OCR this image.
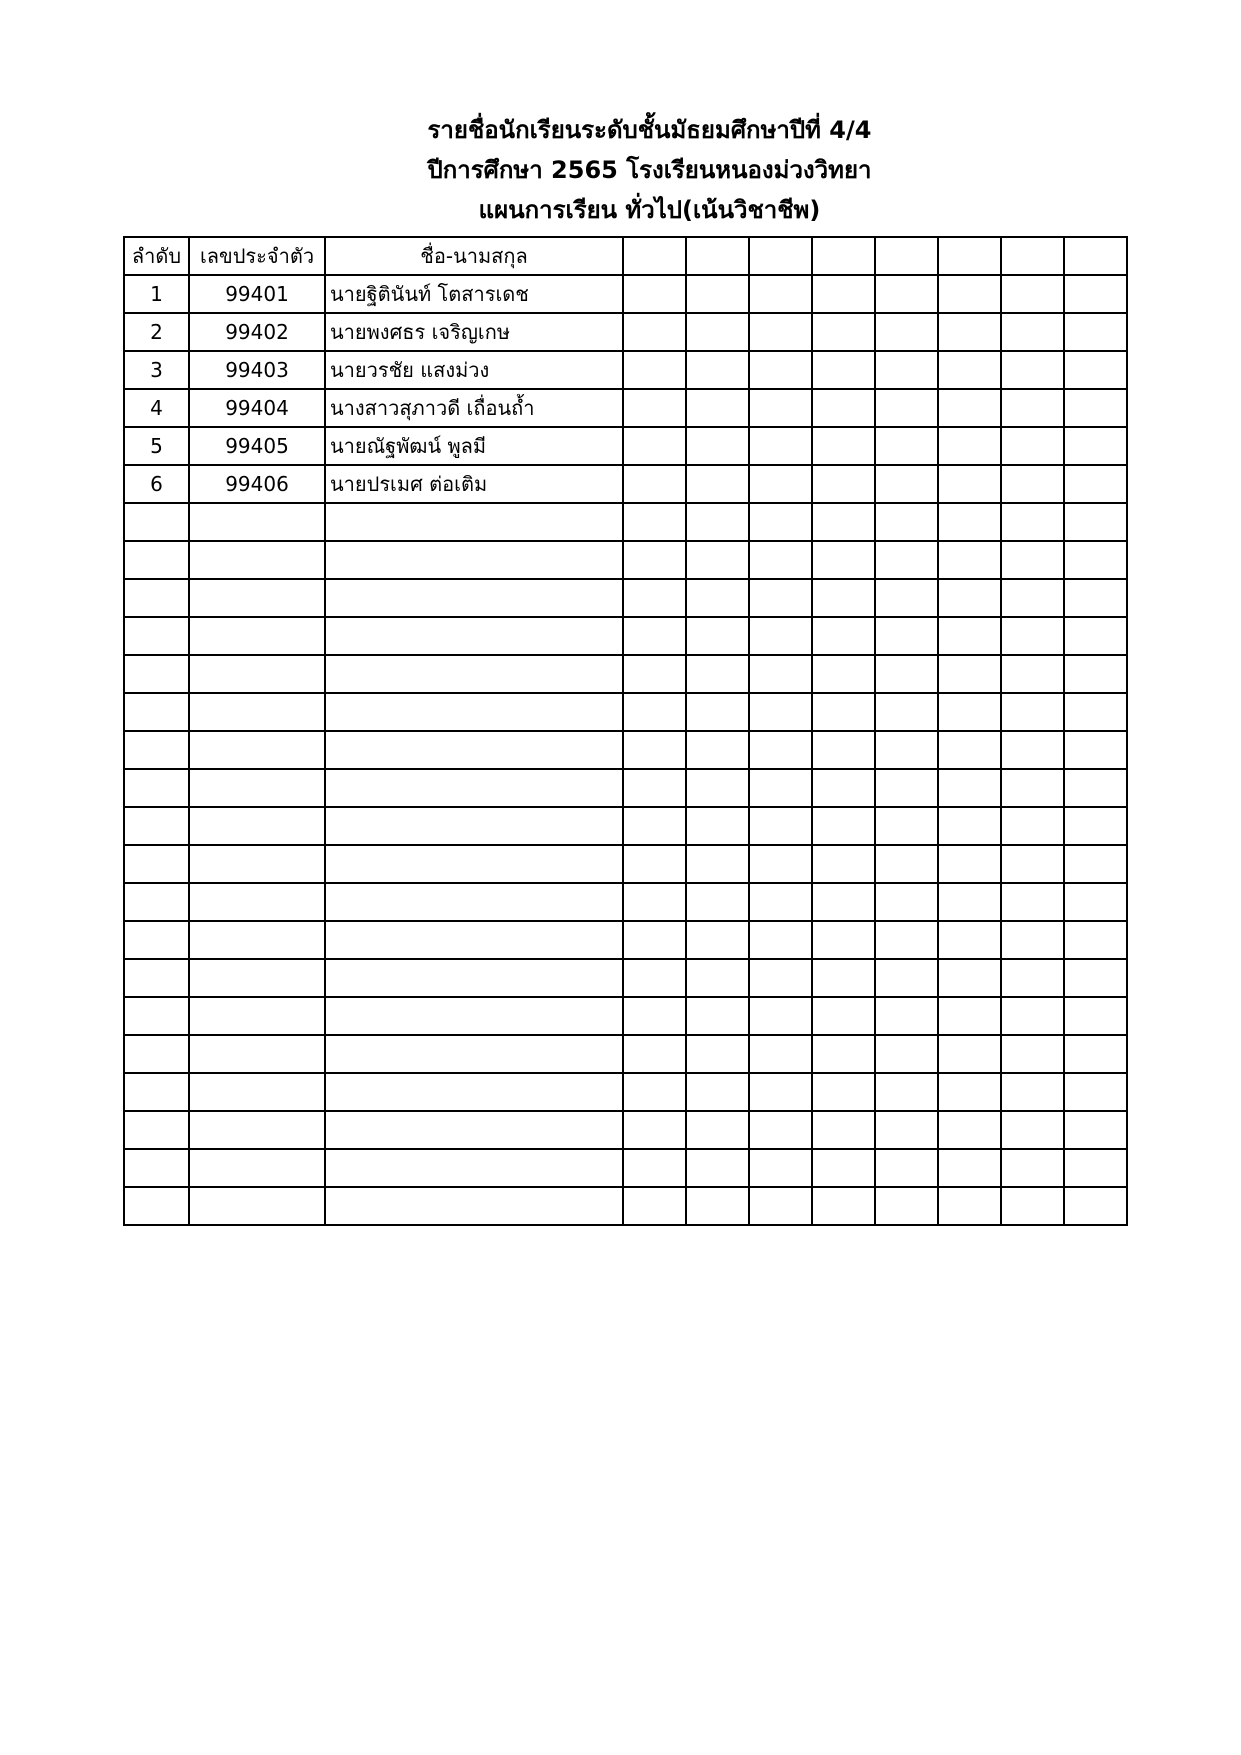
รายชื่อนักเรียนระดับชั้นมัธยมศึกษาปีที่ 4/4
ปีการศึกษา 2565 โรงเรียนหนองม่วงวิทยา
แผนการเรียน ทั่วไป(เน้นวิชาชีพ)
ลำดับ	เลขประจำตัว	ชื่อ-นามสกุล								
1	99401	นายฐิตินันท์ โตสารเดช								
2	99402	นายพงศธร เจริญเกษ								
3	99403	นายวรชัย แสงม่วง								
4	99404	นางสาวสุภาวดี เถื่อนถ้ำ								
5	99405	นายณัฐพัฒน์ พูลมี								
6	99406	นายปรเมศ ต่อเติม								
